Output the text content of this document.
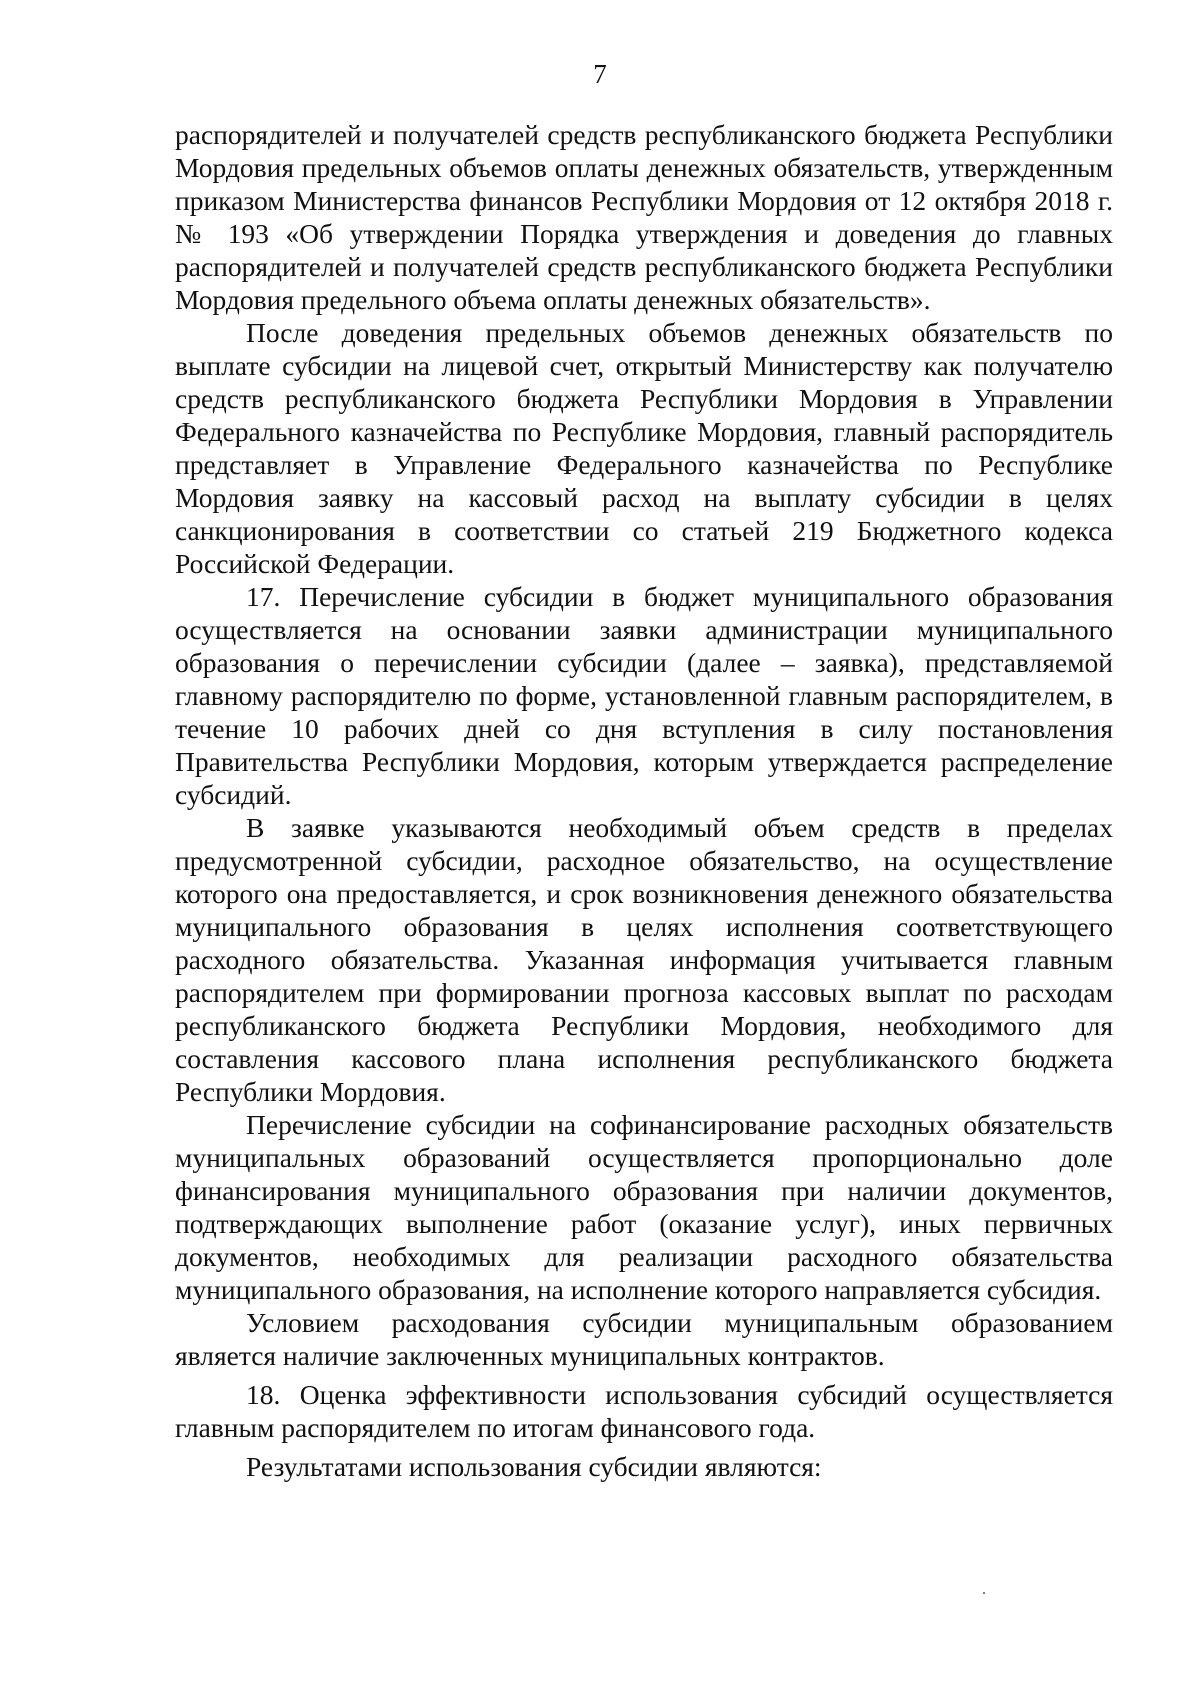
7

распорядителей и получателей средств республиканского бюджета Республики Мордовия предельных объемов оплаты денежных обязательств, утвержденным приказом Министерства финансов Республики Мордовия от 12 октября 2018 г. № 193 «Об утверждении Порядка утверждения и доведения до главных распорядителей и получателей средств республиканского бюджета Республики Мордовия предельного объема оплаты денежных обязательств».

После доведения предельных объемов денежных обязательств по выплате субсидии на лицевой счет, открытый Министерству как получателю средств республиканского бюджета Республики Мордовия в Управлении Федерального казначейства по Республике Мордовия, главный распорядитель представляет в Управление Федерального казначейства по Республике Мордовия заявку на кассовый расход на выплату субсидии в целях санкционирования в соответствии со статьей 219 Бюджетного кодекса Российской Федерации.

17. Перечисление субсидии в бюджет муниципального образования осуществляется на основании заявки администрации муниципального образования о перечислении субсидии (далее – заявка), представляемой главному распорядителю по форме, установленной главным распорядителем, в течение 10 рабочих дней со дня вступления в силу постановления Правительства Республики Мордовия, которым утверждается распределение субсидий.

В заявке указываются необходимый объем средств в пределах предусмотренной субсидии, расходное обязательство, на осуществление которого она предоставляется, и срок возникновения денежного обязательства муниципального образования в целях исполнения соответствующего расходного обязательства. Указанная информация учитывается главным распорядителем при формировании прогноза кассовых выплат по расходам республиканского бюджета Республики Мордовия, необходимого для составления кассового плана исполнения республиканского бюджета Республики Мордовия.

Перечисление субсидии на софинансирование расходных обязательств муниципальных образований осуществляется пропорционально доле финансирования муниципального образования при наличии документов, подтверждающих выполнение работ (оказание услуг), иных первичных документов, необходимых для реализации расходного обязательства муниципального образования, на исполнение которого направляется субсидия.

Условием расходования субсидии муниципальным образованием является наличие заключенных муниципальных контрактов.

18. Оценка эффективности использования субсидий осуществляется главным распорядителем по итогам финансового года.

Результатами использования субсидии являются:
